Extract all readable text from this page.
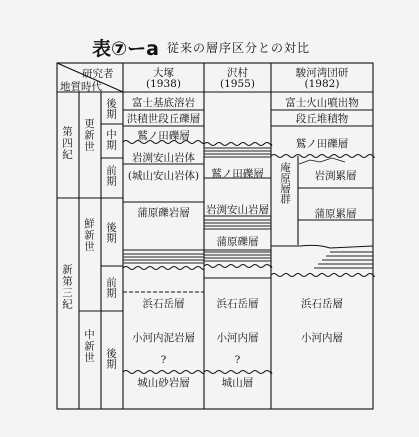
表⑦ーa 従来の層序区分との対比
研究者
地質時代
大塚
(1938)
沢村
(1955)
駿河湾団研
(1982)
第四紀 更新世
新第三紀
鮮新世
中新世
後期
中期
前期
後期
前期
後期
富士基底溶岩
洪積世段丘礫層
鷲ノ田礫層
岩渕安山岩体
(城山安山岩体)
蒲原礫岩層
浜石岳層
小河内泥岩層
?
城山砂岩層
鷲ノ田礫層
岩渕安山岩層
蒲原礫層
浜石岳層
小河内層
?
城山層
富士火山噴出物
段丘堆積物
鷲ノ田礫層
庵原層群	岩渕累層
蒲原累層
浜石岳層
小河内層
